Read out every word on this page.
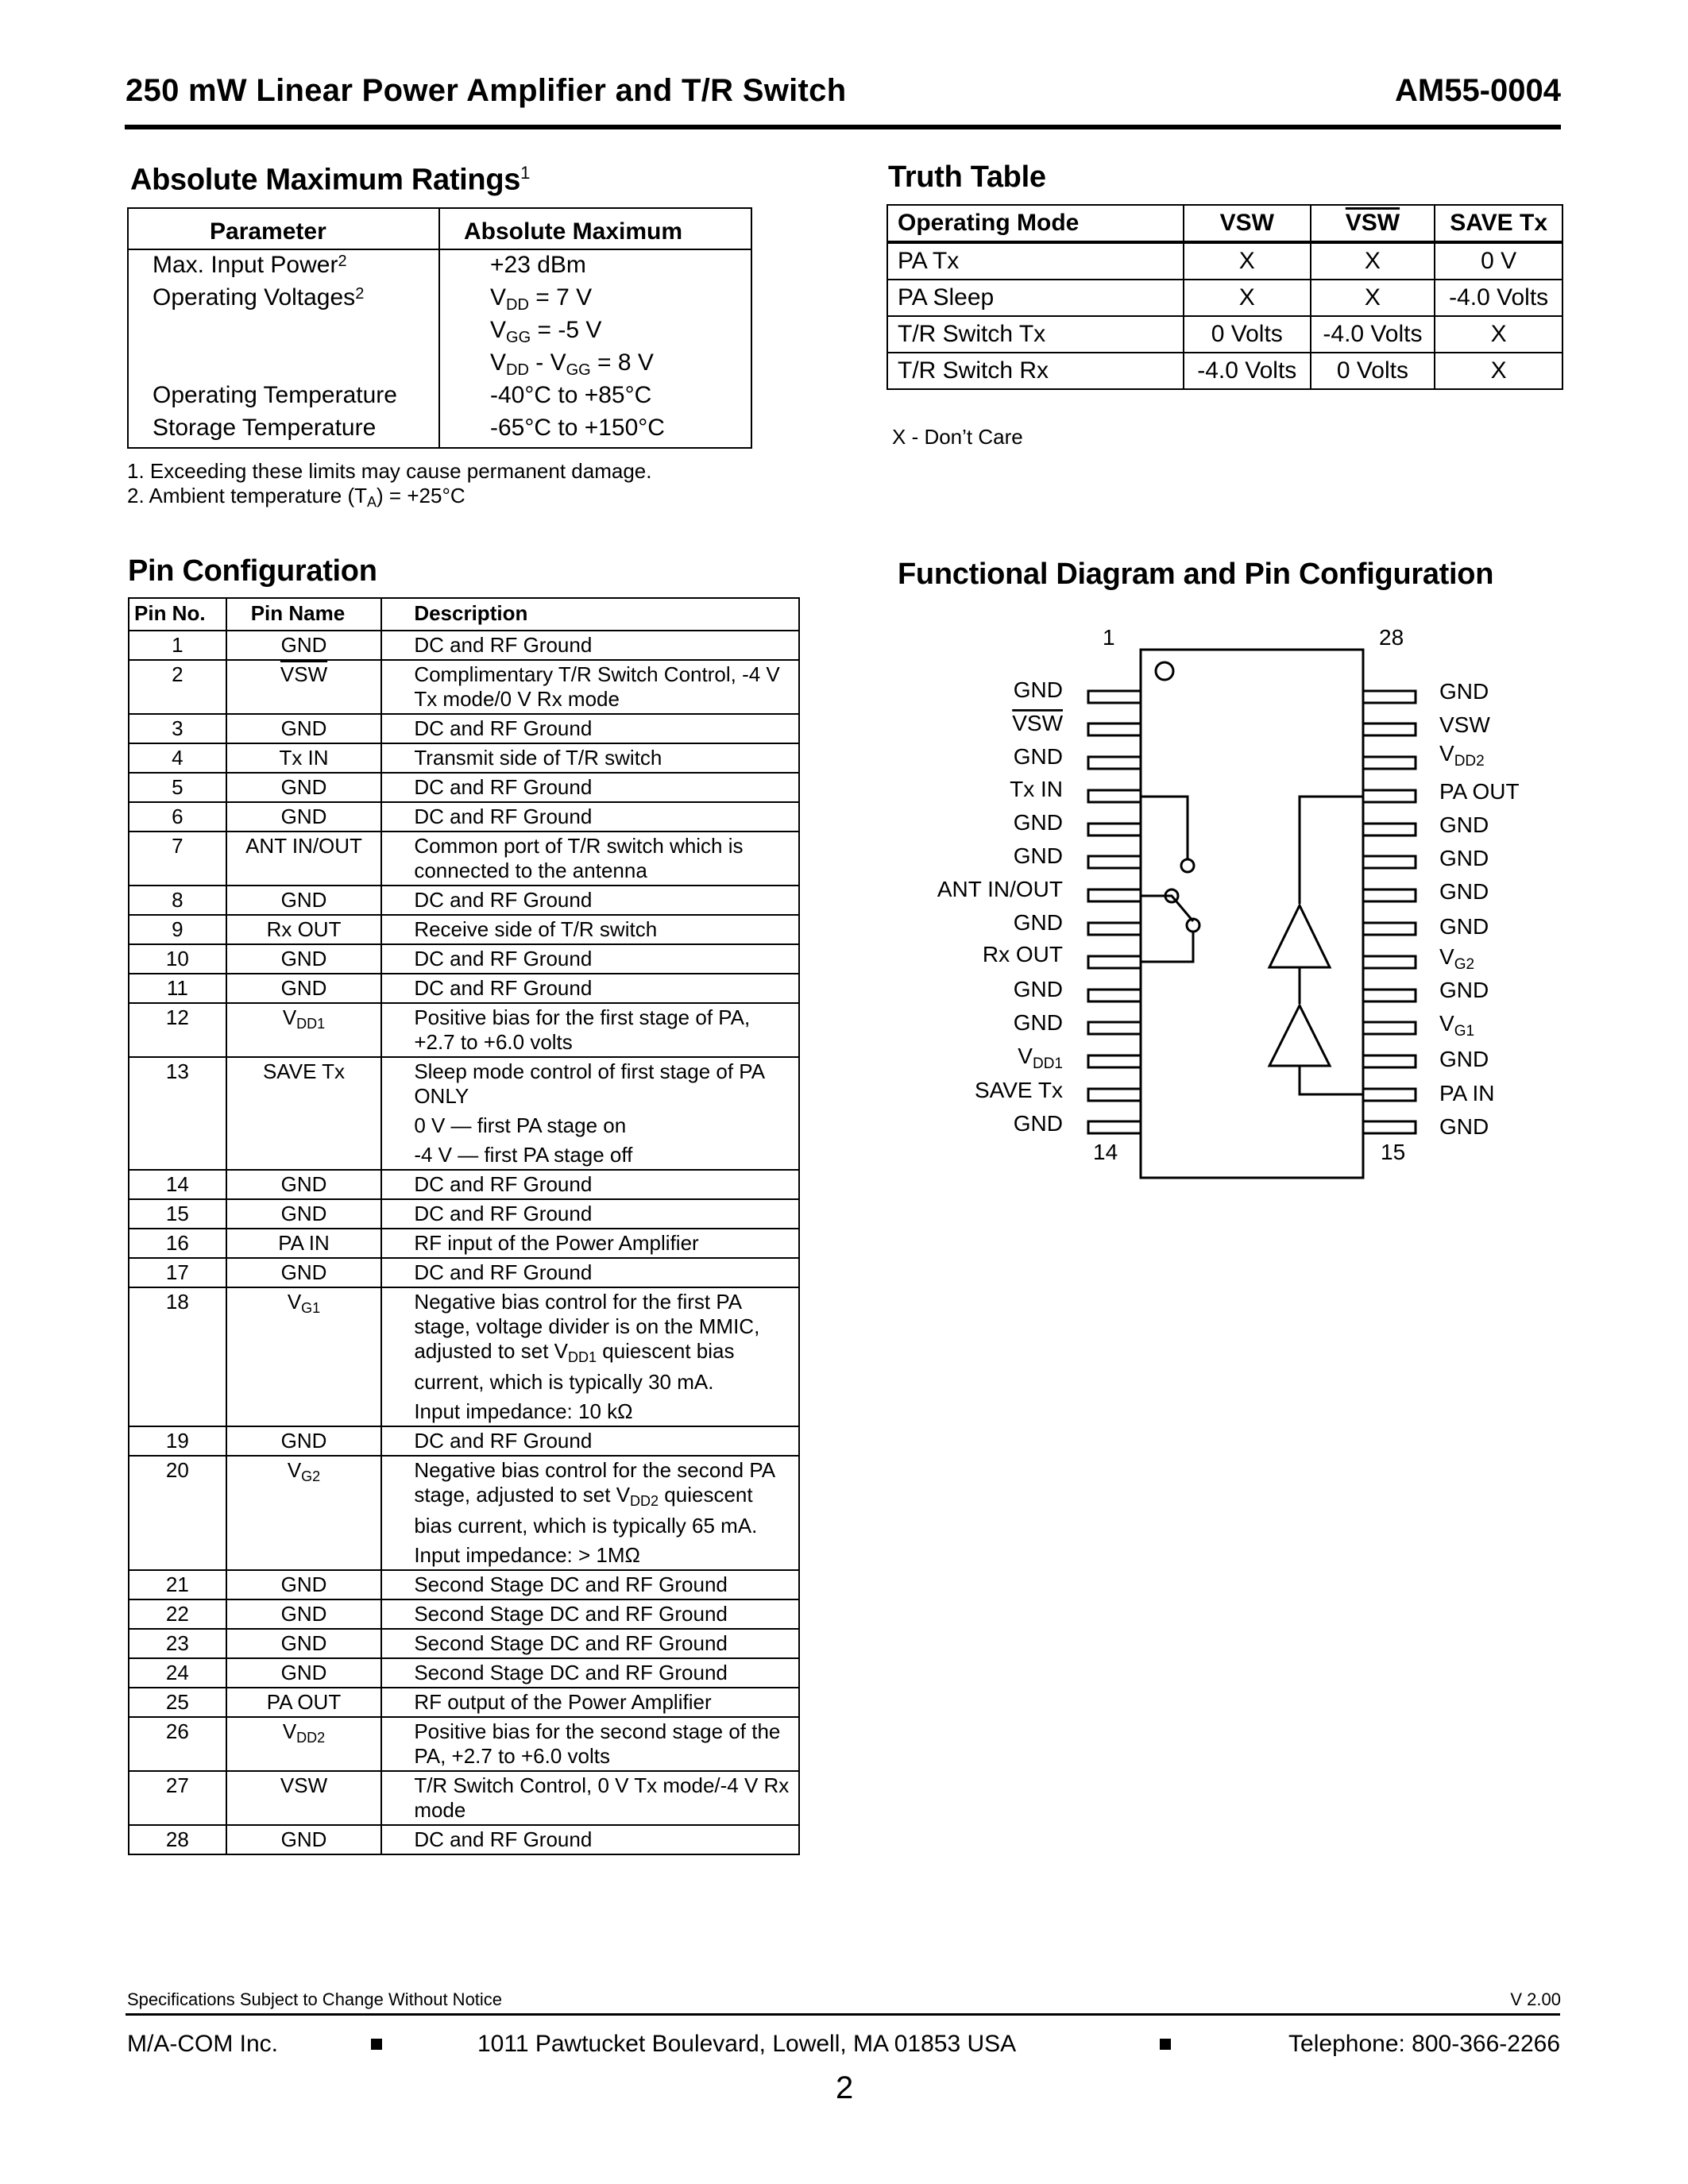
250 mW Linear Power Amplifier and T/R Switch	AM55-0004
Absolute Maximum Ratings$^1$
Parameter	Absolute Maximum
Max. Input Power$^2$	+23 dBm
Operating Voltages$^2$	$V_{DD} = 7$ V
$V_{GG} = -5$ V
$V_{DD} - V_{GG} = 8$ V
Operating Temperature	-40°C to +85°C
Storage Temperature	-65°C to +150°C
1. Exceeding these limits may cause permanent damage.
2. Ambient temperature $(T_A) = +25^\circ C$
Truth Table
Operating Mode	VSW	$\overline{VSW}$	SAVE Tx
PA Tx	X	X	0 V
PA Sleep	X	X	-4.0 Volts
T/R Switch Tx	0 Volts	-4.0 Volts	X
T/R Switch Rx	-4.0 Volts	0 Volts	X
X - Don’t Care
Pin Configuration
Pin No.	Pin Name	Description
1	GND	DC and RF Ground
2	$\overline{VSW}$	Complimentary T/R Switch Control, -4 V Tx mode/0 V Rx mode
3	GND	DC and RF Ground
4	Tx IN	Transmit side of T/R switch
5	GND	DC and RF Ground
6	GND	DC and RF Ground
7	ANT IN/OUT	Common port of T/R switch which is connected to the antenna
8	GND	DC and RF Ground
9	Rx OUT	Receive side of T/R switch
10	GND	DC and RF Ground
11	GND	DC and RF Ground
12	$V_{DD1}$	Positive bias for the first stage of PA, +2.7 to +6.0 volts
13	SAVE Tx	Sleep mode control of first stage of PA ONLY
0 V — first PA stage on
-4 V — first PA stage off

14	GND	DC and RF Ground
15	GND	DC and RF Ground
16	PA IN	RF input of the Power Amplifier
17	GND	DC and RF Ground
18	$V_{G1}$	Negative bias control for the first PA stage, voltage divider is on the MMIC, adjusted to set $V_{DD1}$ quiescent bias current, which is typically 30 mA.
Input impedance: 10 kΩ

19	GND	DC and RF Ground
20	$V_{G2}$	Negative bias control for the second PA stage, adjusted to set $V_{DD2}$ quiescent bias current, which is typically 65 mA.
Input impedance: > 1MΩ

21	GND	Second Stage DC and RF Ground
22	GND	Second Stage DC and RF Ground
23	GND	Second Stage DC and RF Ground
24	GND	Second Stage DC and RF Ground
25	PA OUT	RF output of the Power Amplifier
26	$V_{DD2}$	Positive bias for the second stage of the PA, +2.7 to +6.0 volts
27	VSW	T/R Switch Control, 0 V Tx mode/-4 V Rx mode
28	GND	DC and RF Ground
Functional Diagram and Pin Configuration
1	28
14	15
GND
VSW
GND
Tx IN
GND
GND
ANT IN/OUT
GND
Rx OUT
GND
GND
$V_{DD1}$
SAVE Tx
GND
GND
VSW
$V_{DD2}$
PA OUT
GND
GND
GND
GND
$V_{G2}$
GND
$V_{G1}$
GND
PA IN
GND
Specifications Subject to Change Without Notice	V 2.00
M/A-COM Inc.	1011 Pawtucket Boulevard, Lowell, MA 01853 USA	Telephone: 800-366-2266
2
